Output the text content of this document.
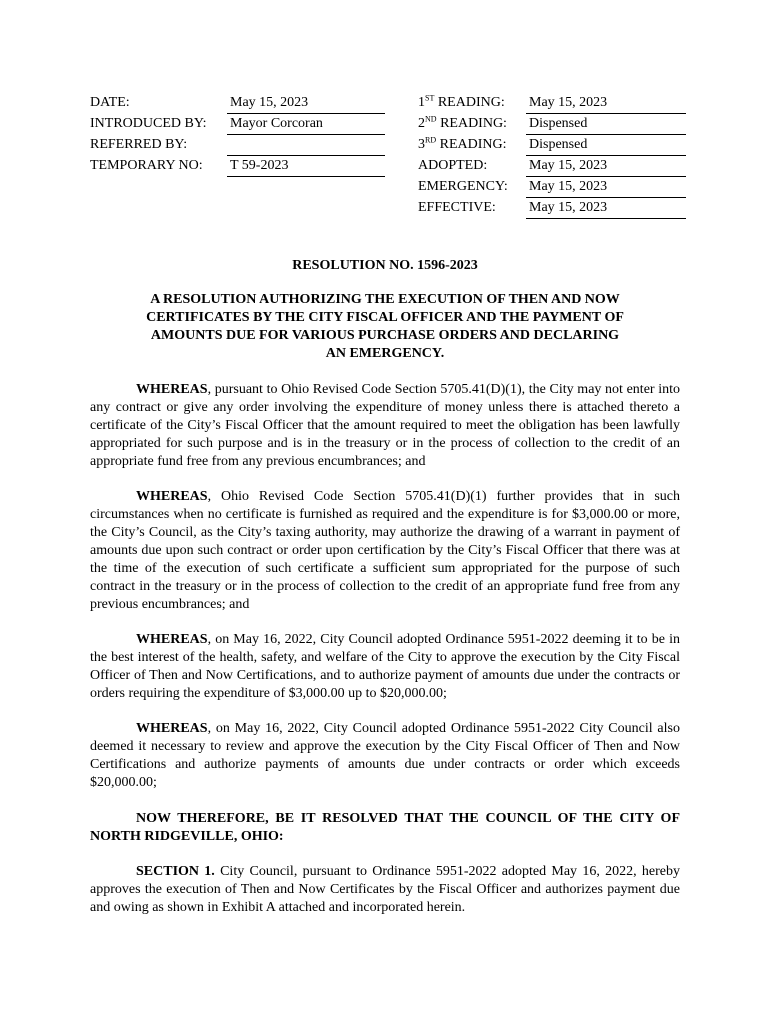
DATE:	May 15, 2023
INTRODUCED BY: Mayor Corcoran
REFERRED BY:
TEMPORARY NO: T 59-2023
1ST READING: May 15, 2023
2ND READING: Dispensed
3RD READING: Dispensed
ADOPTED:	May 15, 2023
EMERGENCY: May 15, 2023
EFFECTIVE: May 15, 2023
RESOLUTION NO. 1596-2023
A RESOLUTION AUTHORIZING THE EXECUTION OF THEN AND NOW CERTIFICATES BY THE CITY FISCAL OFFICER AND THE PAYMENT OF AMOUNTS DUE FOR VARIOUS PURCHASE ORDERS AND DECLARING AN EMERGENCY.
WHEREAS, pursuant to Ohio Revised Code Section 5705.41(D)(1), the City may not enter into any contract or give any order involving the expenditure of money unless there is attached thereto a certificate of the City’s Fiscal Officer that the amount required to meet the obligation has been lawfully appropriated for such purpose and is in the treasury or in the process of collection to the credit of an appropriate fund free from any previous encumbrances; and
WHEREAS, Ohio Revised Code Section 5705.41(D)(1) further provides that in such circumstances when no certificate is furnished as required and the expenditure is for $3,000.00 or more, the City’s Council, as the City’s taxing authority, may authorize the drawing of a warrant in payment of amounts due upon such contract or order upon certification by the City’s Fiscal Officer that there was at the time of the execution of such certificate a sufficient sum appropriated for the purpose of such contract in the treasury or in the process of collection to the credit of an appropriate fund free from any previous encumbrances; and
WHEREAS, on May 16, 2022, City Council adopted Ordinance 5951-2022 deeming it to be in the best interest of the health, safety, and welfare of the City to approve the execution by the City Fiscal Officer of Then and Now Certifications, and to authorize payment of amounts due under the contracts or orders requiring the expenditure of $3,000.00 up to $20,000.00;
WHEREAS, on May 16, 2022, City Council adopted Ordinance 5951-2022 City Council also deemed it necessary to review and approve the execution by the City Fiscal Officer of Then and Now Certifications and authorize payments of amounts due under contracts or order which exceeds $20,000.00;
NOW THEREFORE, BE IT RESOLVED THAT THE COUNCIL OF THE CITY OF NORTH RIDGEVILLE, OHIO:
SECTION 1. City Council, pursuant to Ordinance 5951-2022 adopted May 16, 2022, hereby approves the execution of Then and Now Certificates by the Fiscal Officer and authorizes payment due and owing as shown in Exhibit A attached and incorporated herein.
